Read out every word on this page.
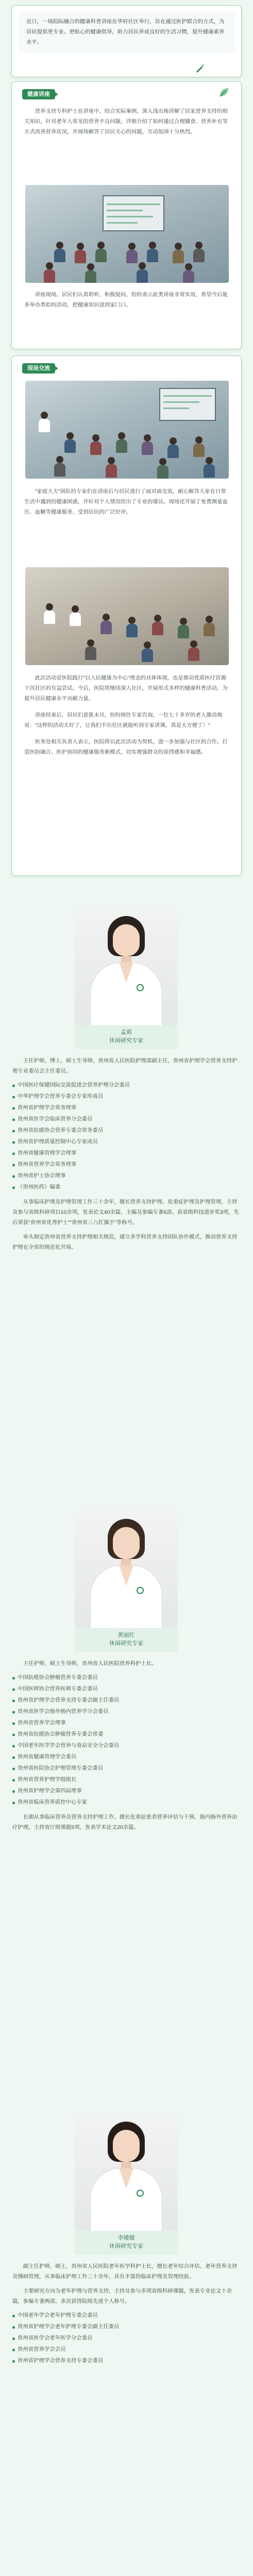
近日，一场院际融合的健康科普讲座在华府社区举行，旨在通过医护联合的方式，为居民提供更专业、更贴心的健康指导，助力居民养成良好的生活习惯，提升健康素养水平。
健康讲座

营养支持专科护士在讲座中，结合实际案例，深入浅出地讲解了居家营养支持的相关知识，针对老年人常见的营养不良问题，详细介绍了如何通过合理膳食、营养补充等方式改善营养状况，并现场解答了居民关心的问题，互动氛围十分热烈。

讲座现场，居民们认真聆听，积极提问，纷纷表示此类讲座非常实用，希望今后能多举办类似的活动，把健康知识送到家门口。

现场交流

"家庭大夫"团队的专家们在讲座后与居民进行了面对面交流，耐心解答大家在日常生活中遇到的健康困惑，并针对个人情况给出了专业的建议。现场还开展了免费测量血压、血糖等健康服务，受到居民的广泛好评。

此次活动是医院践行"以人民健康为中心"理念的具体体现，也是推动优质医疗资源下沉社区的有益尝试。今后，医院将继续深入社区，开展形式多样的健康科普活动，为提升居民健康水平贡献力量。

讲座结束后，居民们意犹未尽，纷纷围住专家咨询，一位七十多岁的老人激动地说："这样的活动太好了，让我们不出社区就能听到专家讲课，真是太方便了！"

医务处相关负责人表示，医院将以此次活动为契机，进一步加强与社区的合作，打造医防融合、医护协同的健康服务新模式，切实增强群众的获得感和幸福感。

孟莉
休闲研究专家

主任护师，博士，硕士生导师，贵州省人民医院护理部副主任，贵州省护理学会营养支持护理专业委员会主任委员。

中国医疗保健国际交流促进会营养护理分会委员
中华护理学会营养专委会专家库成员
贵州省护理学会常务理事
贵州省医学会临床营养分会委员
贵州省抗癌协会营养专委会常务委员
贵州省护理质量控制中心专家成员
贵州省健康管理学会理事
贵州省营养学会常务理事
贵州省护士协会理事
《贵州医药》编委

从事临床护理及护理管理工作三十余年，擅长营养支持护理、危重症护理及护理管理，主持及参与省级科研项目10余项，发表论文40余篇，主编及参编专著6部。获省级科技进步奖3项，先后荣获"贵州省优秀护士""贵州省三八红旗手"等称号。

牵头制定贵州省营养支持护理相关规范，建立多学科营养支持团队协作模式，推动营养支持护理在全省的规范化开展。

黄丽红
休闲研究专家

主任护师，硕士生导师，贵州省人民医院营养科护士长。

中国抗癌协会肿瘤营养专委会委员
中国医师协会营养医师专委会委员
贵州省护理学会营养支持专委会副主任委员
贵州省医学会肠外肠内营养学分会委员
贵州省营养学会理事
贵州省抗癌协会肿瘤营养专委会常委
中国老年医学学会营养与食品安全分会委员
贵州省健康管理学会委员
贵州省医院协会护理管理专委会委员
贵州省营养护理学组组长
贵州省护理学会第四届理事
贵州省临床营养质控中心专家

长期从事临床营养及营养支持护理工作，擅长危重症患者营养评估与干预、肠内肠外营养治疗护理，主持省厅级课题5项，发表学术论文20余篇。

李媛媛
休闲研究专家

副主任护师，硕士，贵州省人民医院老年医学科护士长，擅长老年综合评估、老年营养支持及慢病管理，从事临床护理工作二十余年，具有丰富的临床护理及管理经验。

主要研究方向为老年护理与营养支持，主持及参与多项省级科研课题，发表专业论文十余篇，参编专著两部，多次获得院级先进个人称号。

中国老年学会老年护理专委会委员
贵州省护理学会老年护理专委会副主任委员
贵州省医学会老年医学分会委员
贵州省营养学会会员
贵州省护理学会营养支持专委会委员
